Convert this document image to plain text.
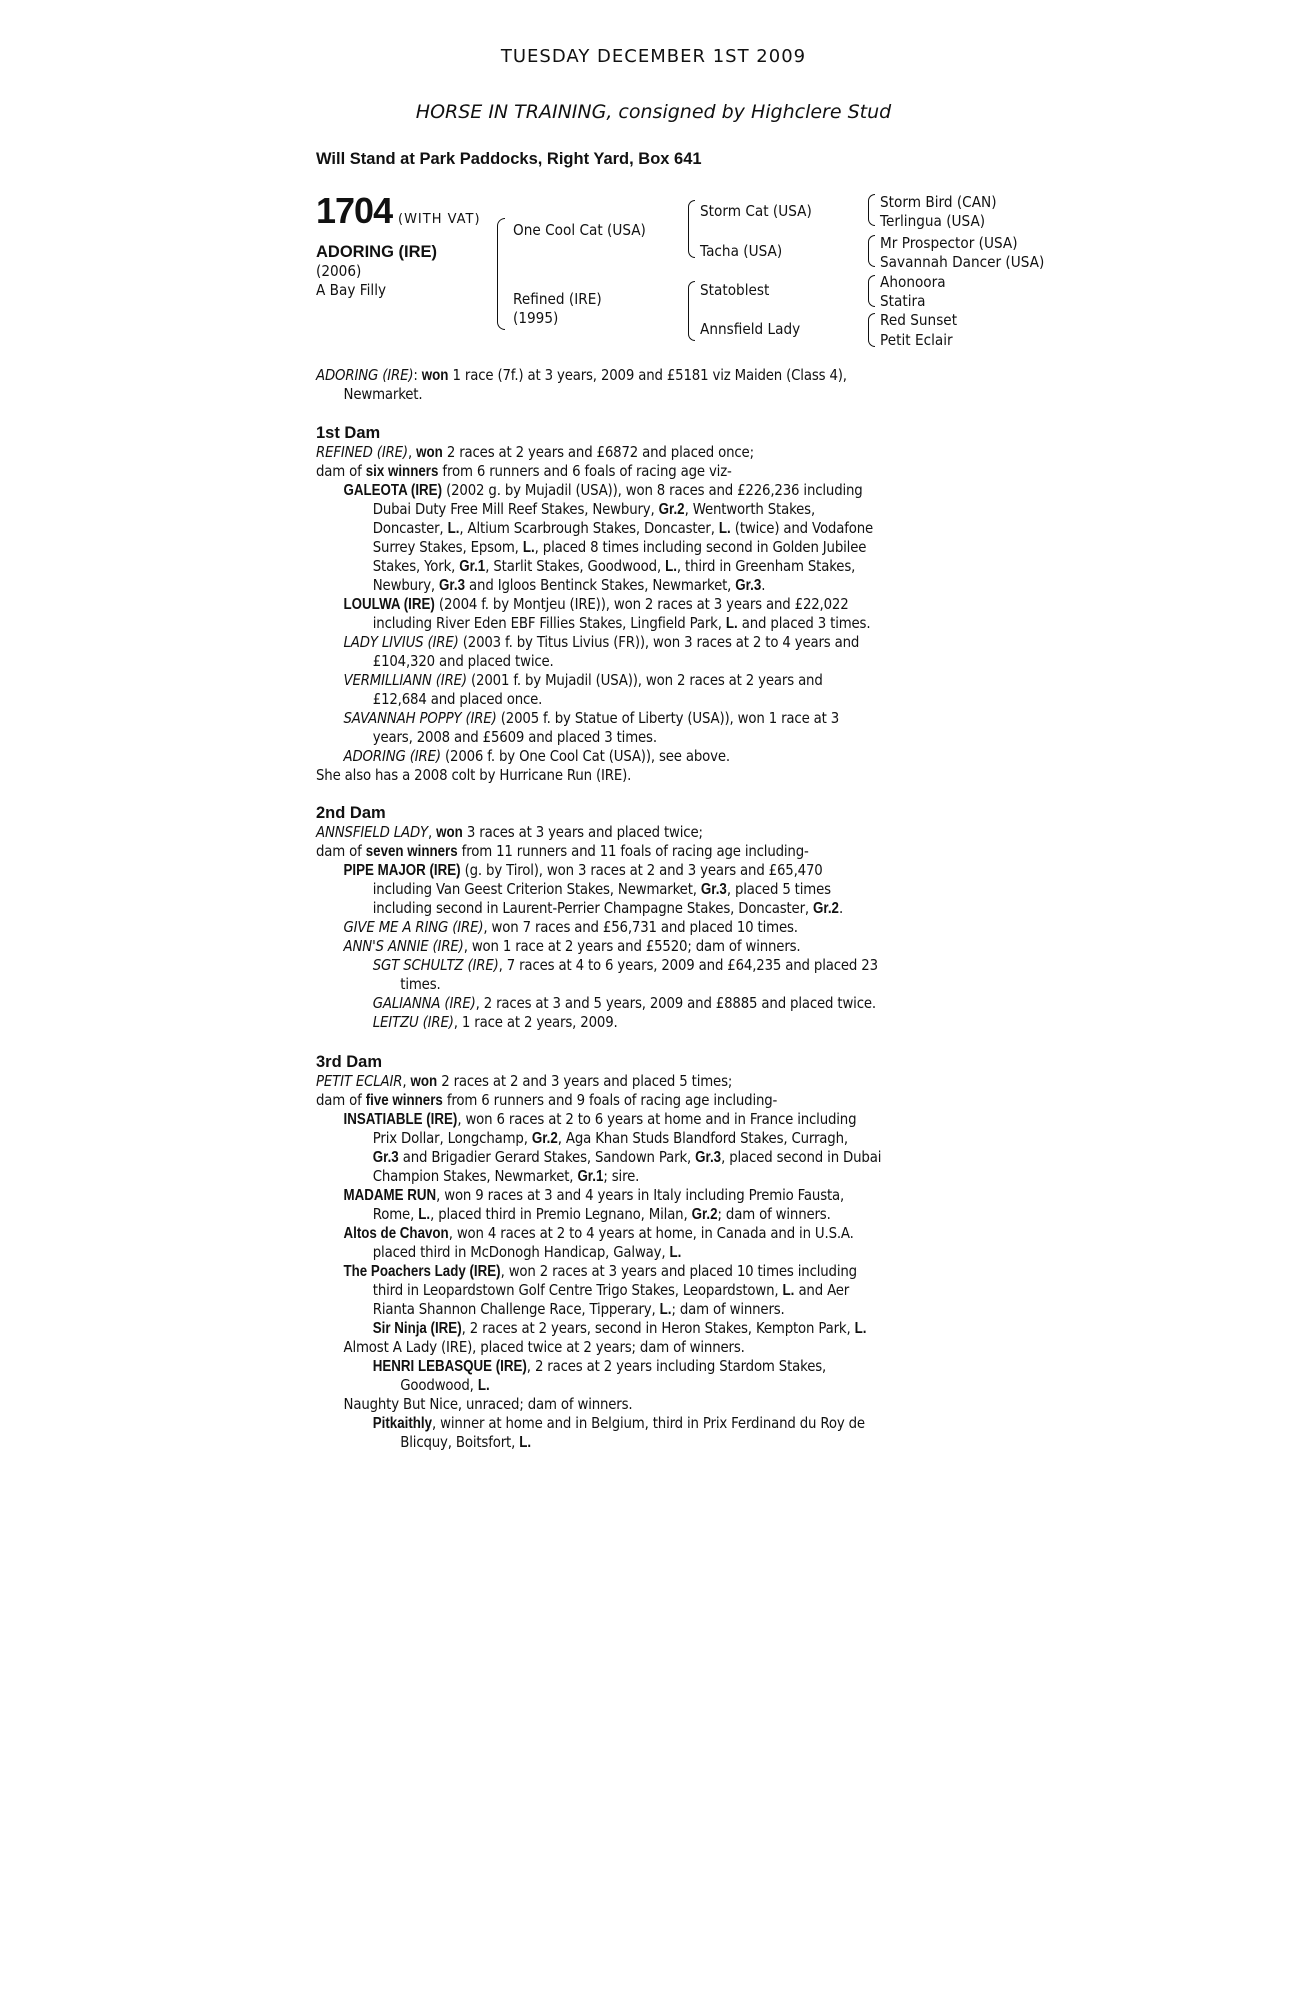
TUESDAY DECEMBER 1ST 2009
HORSE IN TRAINING, consigned by Highclere Stud
Will Stand at Park Paddocks, Right Yard, Box 641
1704 (WITH VAT)
ADORING (IRE)
(2006)
A Bay Filly
One Cool Cat (USA)
Refined (IRE)
(1995)
Storm Cat (USA)
Tacha (USA)
Statoblest
Annsfield Lady
Storm Bird (CAN)
Terlingua (USA)
Mr Prospector (USA)
Savannah Dancer (USA)
Ahonoora
Statira
Red Sunset
Petit Eclair
ADORING (IRE): won 1 race (7f.) at 3 years, 2009 and £5181 viz Maiden (Class 4),
Newmarket.
1st Dam
REFINED (IRE), won 2 races at 2 years and £6872 and placed once;
dam of six winners from 6 runners and 6 foals of racing age viz-
GALEOTA (IRE) (2002 g. by Mujadil (USA)), won 8 races and £226,236 including
Dubai Duty Free Mill Reef Stakes, Newbury, Gr.2, Wentworth Stakes,
Doncaster, L., Altium Scarbrough Stakes, Doncaster, L. (twice) and Vodafone
Surrey Stakes, Epsom, L., placed 8 times including second in Golden Jubilee
Stakes, York, Gr.1, Starlit Stakes, Goodwood, L., third in Greenham Stakes,
Newbury, Gr.3 and Igloos Bentinck Stakes, Newmarket, Gr.3.
LOULWA (IRE) (2004 f. by Montjeu (IRE)), won 2 races at 3 years and £22,022
including River Eden EBF Fillies Stakes, Lingfield Park, L. and placed 3 times.
LADY LIVIUS (IRE) (2003 f. by Titus Livius (FR)), won 3 races at 2 to 4 years and
£104,320 and placed twice.
VERMILLIANN (IRE) (2001 f. by Mujadil (USA)), won 2 races at 2 years and
£12,684 and placed once.
SAVANNAH POPPY (IRE) (2005 f. by Statue of Liberty (USA)), won 1 race at 3
years, 2008 and £5609 and placed 3 times.
ADORING (IRE) (2006 f. by One Cool Cat (USA)), see above.
She also has a 2008 colt by Hurricane Run (IRE).
2nd Dam
ANNSFIELD LADY, won 3 races at 3 years and placed twice;
dam of seven winners from 11 runners and 11 foals of racing age including-
PIPE MAJOR (IRE) (g. by Tirol), won 3 races at 2 and 3 years and £65,470
including Van Geest Criterion Stakes, Newmarket, Gr.3, placed 5 times
including second in Laurent-Perrier Champagne Stakes, Doncaster, Gr.2.
GIVE ME A RING (IRE), won 7 races and £56,731 and placed 10 times.
ANN'S ANNIE (IRE), won 1 race at 2 years and £5520; dam of winners.
SGT SCHULTZ (IRE), 7 races at 4 to 6 years, 2009 and £64,235 and placed 23
times.
GALIANNA (IRE), 2 races at 3 and 5 years, 2009 and £8885 and placed twice.
LEITZU (IRE), 1 race at 2 years, 2009.
3rd Dam
PETIT ECLAIR, won 2 races at 2 and 3 years and placed 5 times;
dam of five winners from 6 runners and 9 foals of racing age including-
INSATIABLE (IRE), won 6 races at 2 to 6 years at home and in France including
Prix Dollar, Longchamp, Gr.2, Aga Khan Studs Blandford Stakes, Curragh,
Gr.3 and Brigadier Gerard Stakes, Sandown Park, Gr.3, placed second in Dubai
Champion Stakes, Newmarket, Gr.1; sire.
MADAME RUN, won 9 races at 3 and 4 years in Italy including Premio Fausta,
Rome, L., placed third in Premio Legnano, Milan, Gr.2; dam of winners.
Altos de Chavon, won 4 races at 2 to 4 years at home, in Canada and in U.S.A.
placed third in McDonogh Handicap, Galway, L.
The Poachers Lady (IRE), won 2 races at 3 years and placed 10 times including
third in Leopardstown Golf Centre Trigo Stakes, Leopardstown, L. and Aer
Rianta Shannon Challenge Race, Tipperary, L.; dam of winners.
Sir Ninja (IRE), 2 races at 2 years, second in Heron Stakes, Kempton Park, L.
Almost A Lady (IRE), placed twice at 2 years; dam of winners.
HENRI LEBASQUE (IRE), 2 races at 2 years including Stardom Stakes,
Goodwood, L.
Naughty But Nice, unraced; dam of winners.
Pitkaithly, winner at home and in Belgium, third in Prix Ferdinand du Roy de
Blicquy, Boitsfort, L.
